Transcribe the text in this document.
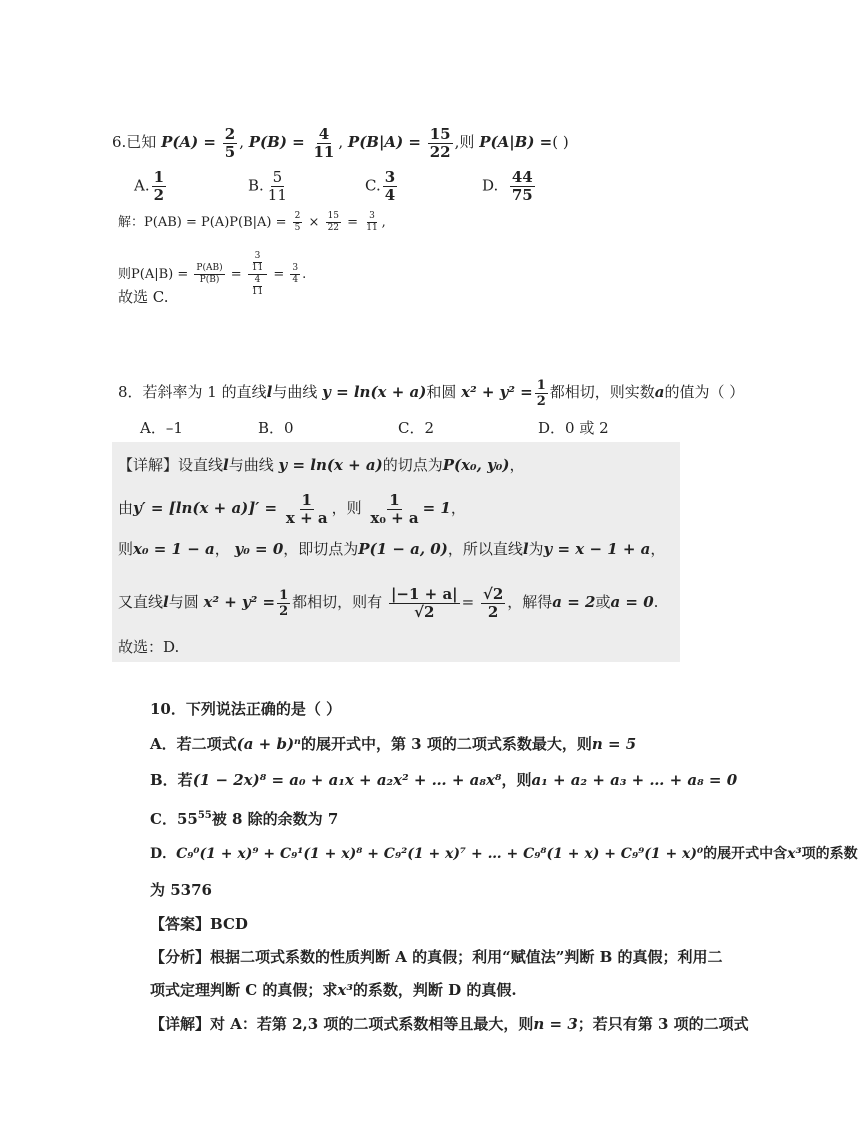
6.已知 $P(A) = \frac{2}{5}$ , $P(B) = \frac{4}{11}$ , $P(B|A) = \frac{15}{22}$ ,则 P(A|B) =( )
A. $\frac{1}{2}$	B. $\frac{5}{11}$	C. $\frac{3}{4}$	D. $\frac{44}{75}$
解：$P(AB) = P(A)P(B|A) = \frac{2}{5} \times \frac{15}{22} = \frac{3}{11}$ ,
则$P(A|B) = \frac{P(AB)}{P(B)} = \frac{\frac{3}{11}}{\frac{4}{11}} = \frac{3}{4}$ .
故选 C.
8．若斜率为 1 的直线l与曲线 y = ln(x + a)和圆 $x^2 + y^2 = \frac{1}{2}$ 都相切，则实数a的值为（ ）
A．–1	B．0	C．2	D．0 或 2
【详解】设直线l与曲线 y = ln(x + a)的切点为P(x₀, y₀)，
由$y' = [\ln(x + a)]' = \frac{1}{x + a}$ ，则 $\frac{1}{\text{x₀ + a}} = 1$，
则x₀ = 1 − a， y₀ = 0，即切点为P(1 − a, 0)，所以直线l为y = x − 1 + a，
又直线l与圆 $x^2 + y^2 = \frac{1}{2}$ 都相切，则有 $\frac{|-1 + a|}{√2} = \frac{√2}{2}$ ，解得a = 2或a = 0.
故选：D.
10．下列说法正确的是（ ）
A．若二项式(a + b)ⁿ的展开式中，第 3 项的二项式系数最大，则n = 5
B．若(1 − 2x)⁸ = a₀ + a₁x + a₂x² + … + a₈x⁸，则a₁ + a₂ + a₃ + … + a₈ = 0
C．$55^{55}$被 8 除的余数为 7
D．C₉⁰(1 + x)⁹ + C₉¹(1 + x)⁸ + C₉²(1 + x)⁷ + … + C₉⁸(1 + x) + C₉⁹(1 + x)⁰的展开式中含x³项的系数
为 5376
【答案】BCD
【分析】根据二项式系数的性质判断 A 的真假；利用“赋值法”判断 B 的真假；利用二
项式定理判断 C 的真假；求x³的系数，判断 D 的真假.
【详解】对 A：若第 2,3 项的二项式系数相等且最大，则n = 3；若只有第 3 项的二项式
